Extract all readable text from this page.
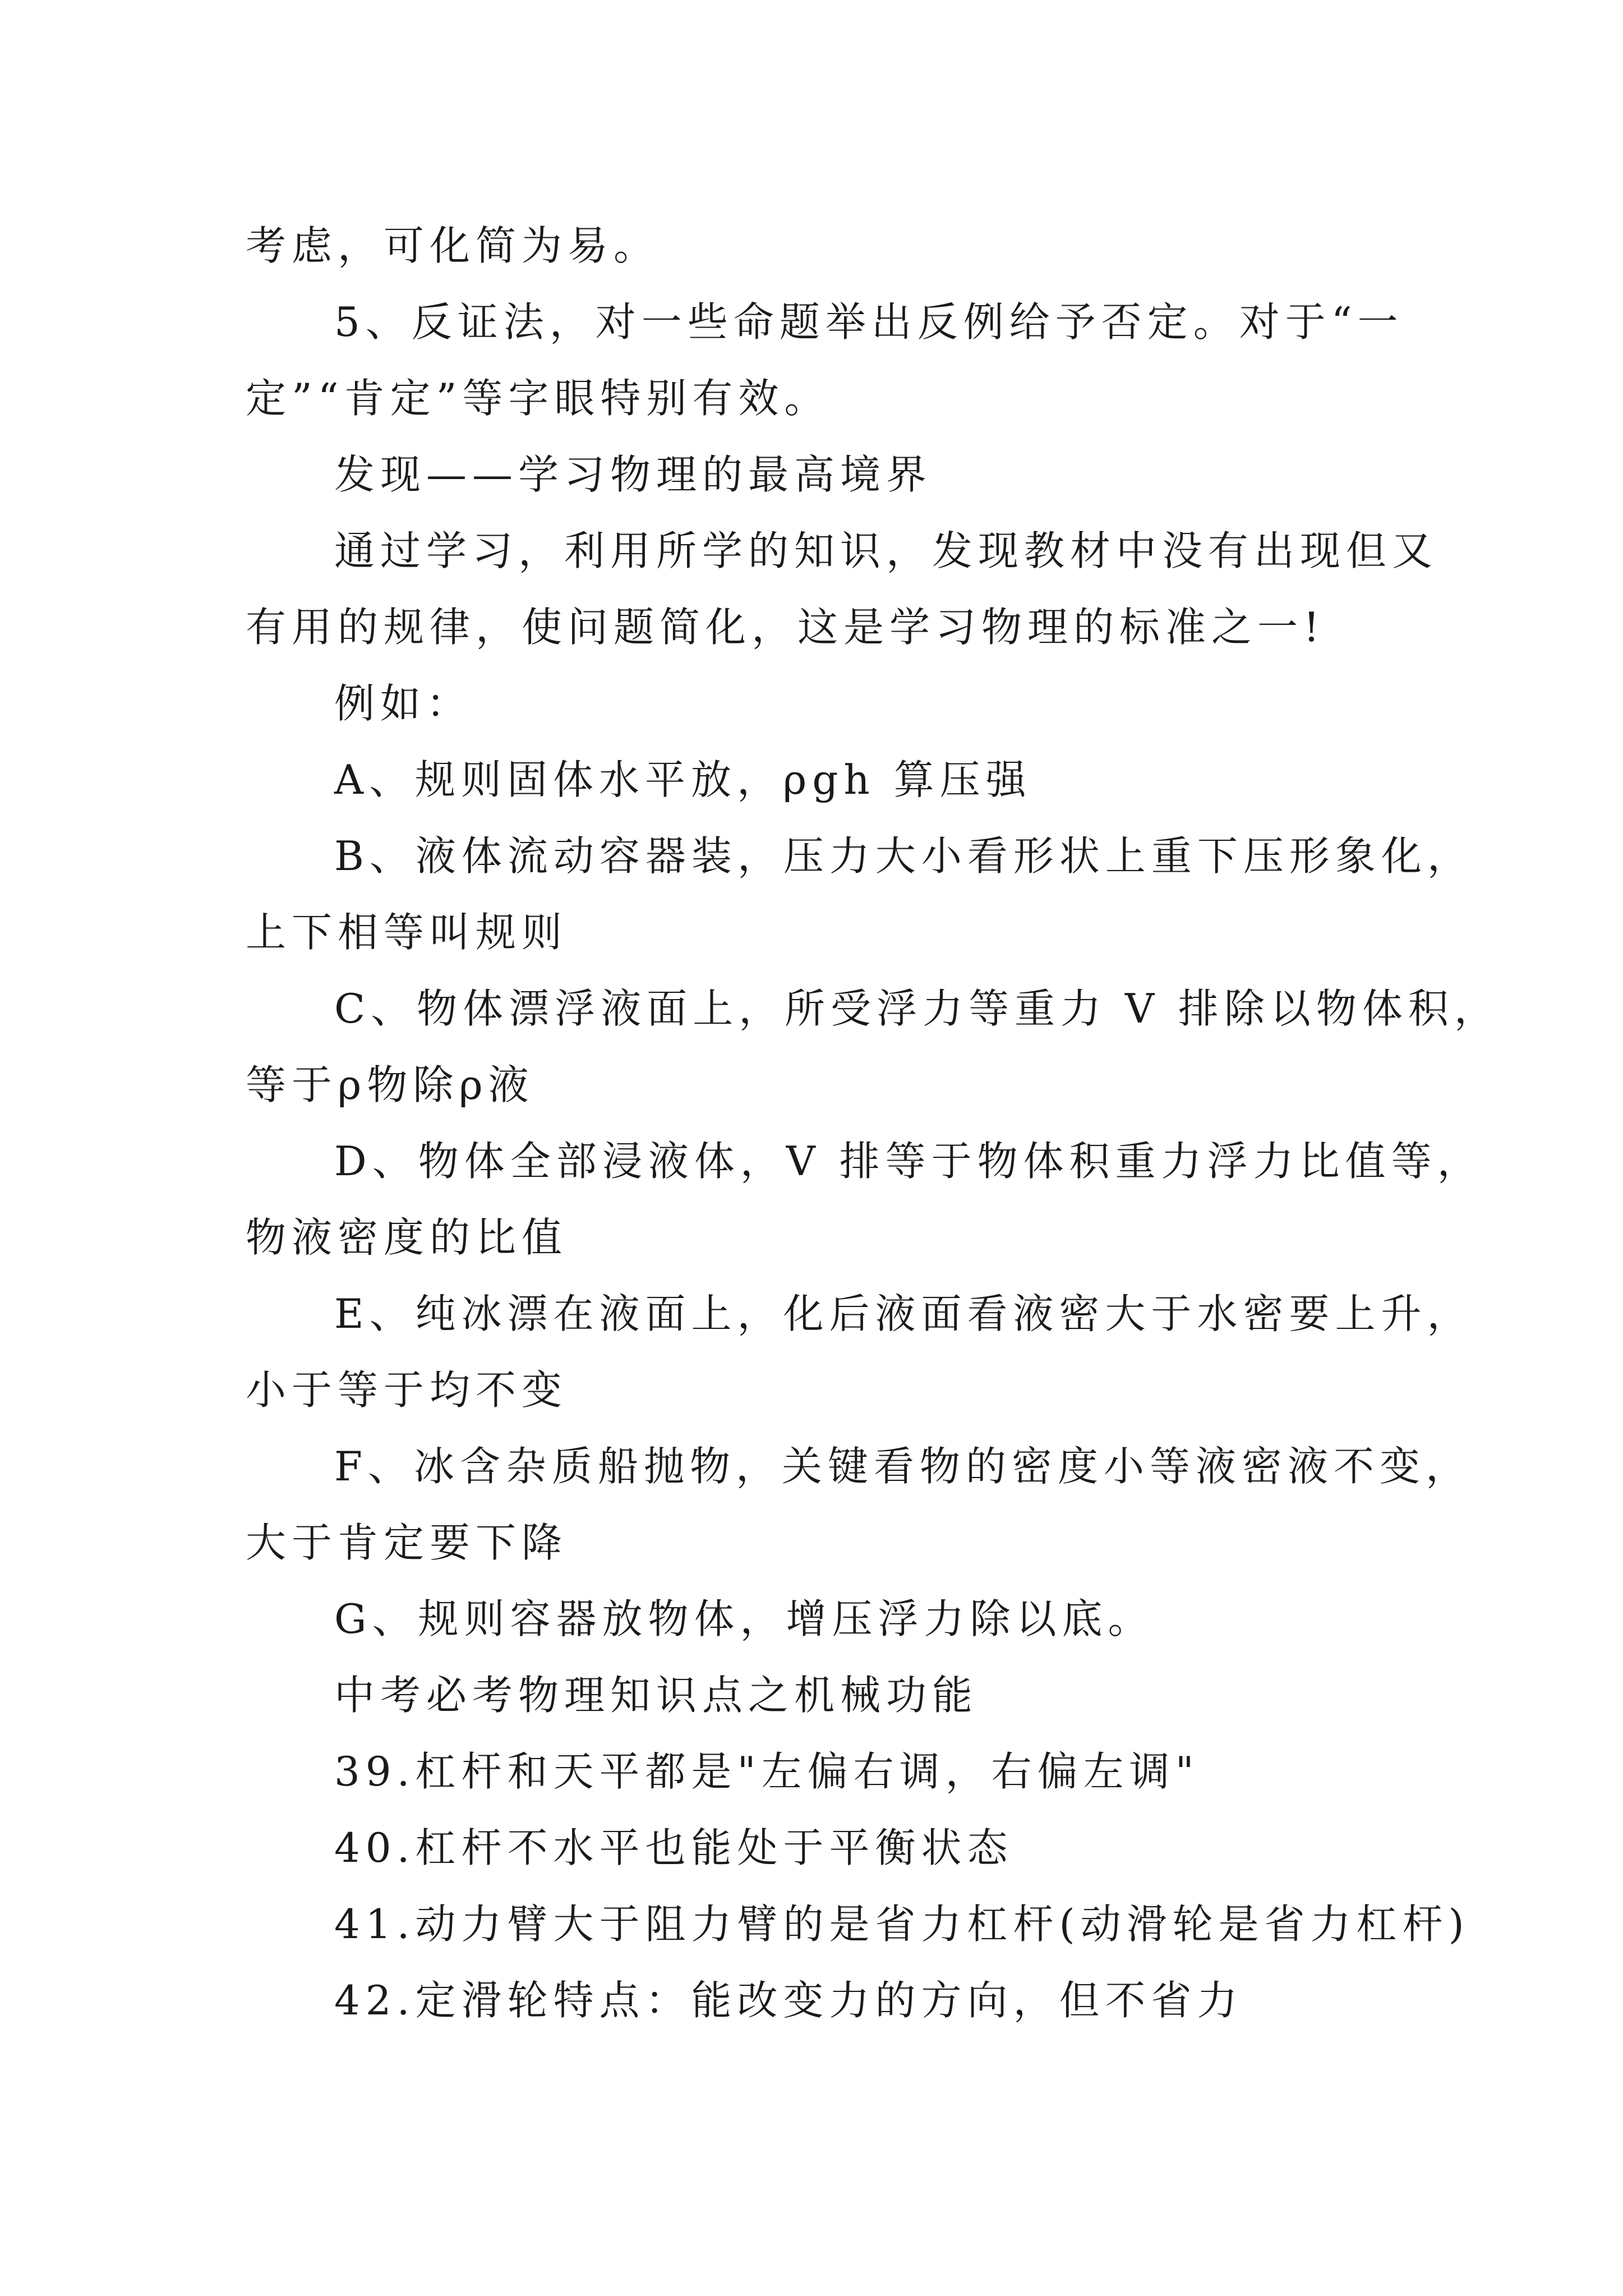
考虑，可化简为易。
5、反证法，对一些命题举出反例给予否定。对于“一
定”“肯定”等字眼特别有效。
发现——学习物理的最高境界
通过学习，利用所学的知识，发现教材中没有出现但又
有用的规律，使问题简化，这是学习物理的标准之一!
例如：
A、规则固体水平放，ρgh 算压强
B、液体流动容器装，压力大小看形状上重下压形象化，
上下相等叫规则
C、物体漂浮液面上，所受浮力等重力 V 排除以物体积，
等于ρ物除ρ液
D、物体全部浸液体，V 排等于物体积重力浮力比值等，
物液密度的比值
E、纯冰漂在液面上，化后液面看液密大于水密要上升，
小于等于均不变
F、冰含杂质船抛物，关键看物的密度小等液密液不变，
大于肯定要下降
G、规则容器放物体，增压浮力除以底。
中考必考物理知识点之机械功能
39.杠杆和天平都是"左偏右调，右偏左调"
40.杠杆不水平也能处于平衡状态
41.动力臂大于阻力臂的是省力杠杆(动滑轮是省力杠杆)
42.定滑轮特点：能改变力的方向，但不省力
